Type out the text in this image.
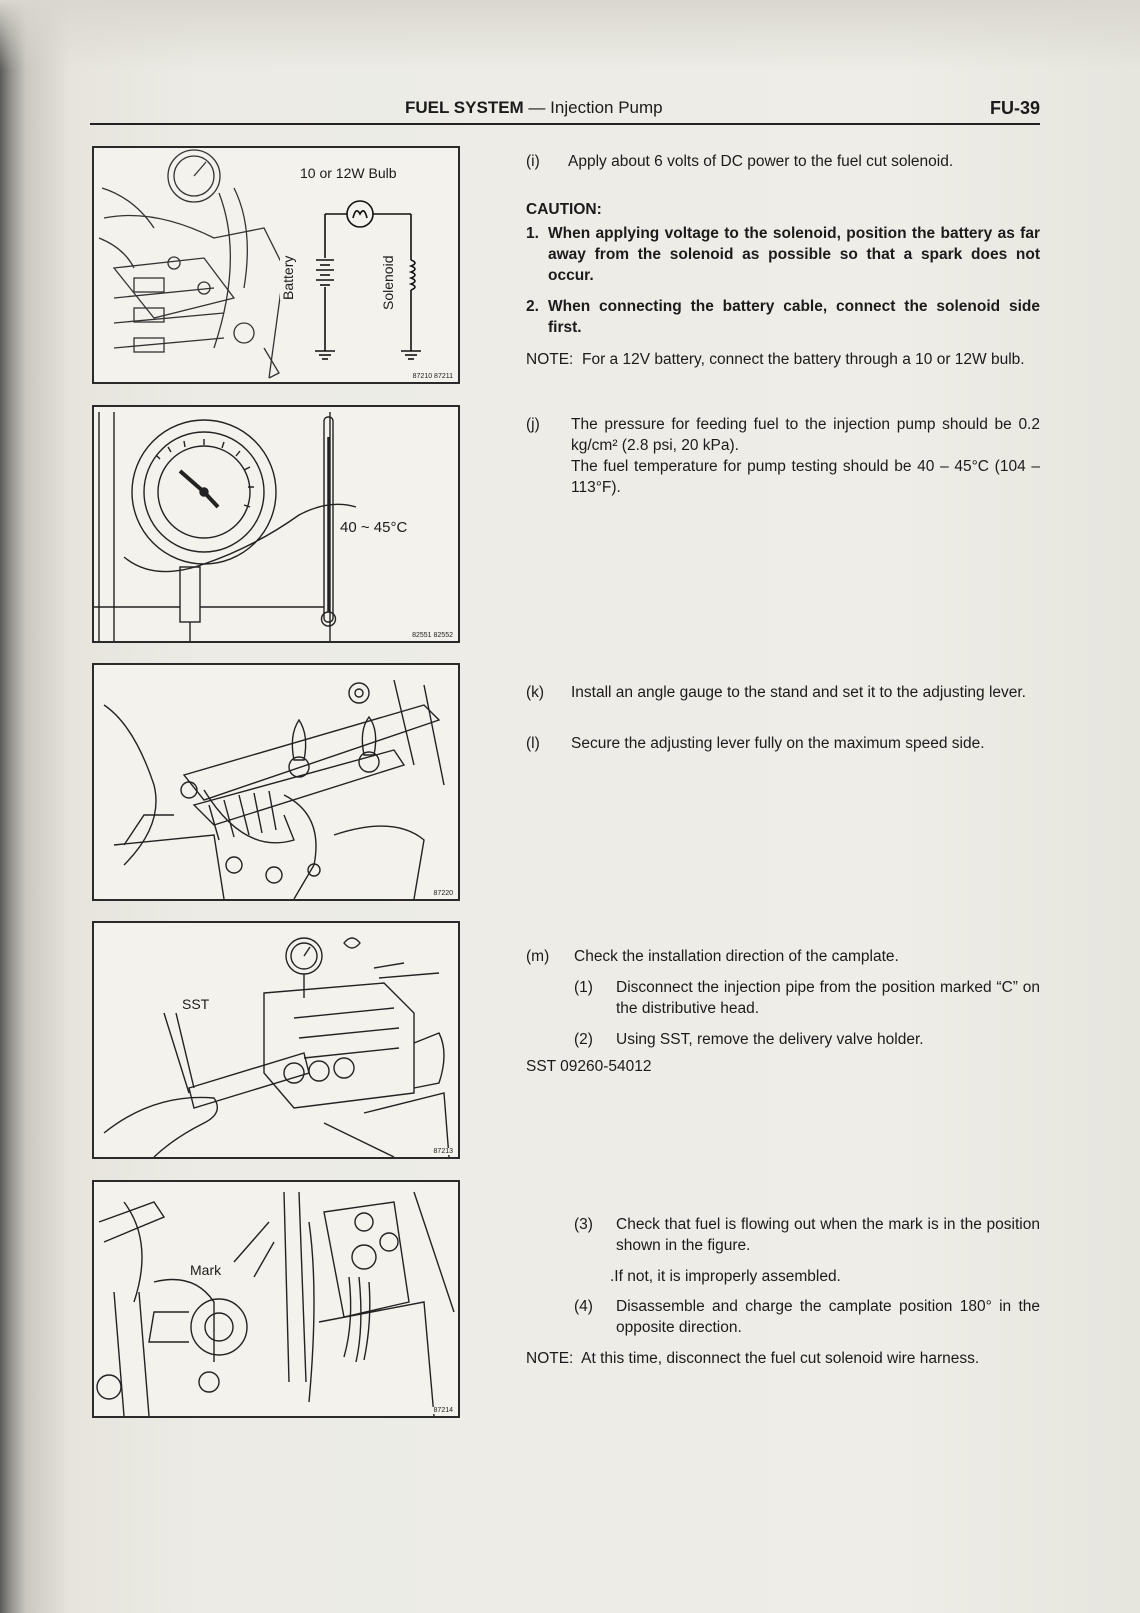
FUEL SYSTEM — Injection Pump	FU-39
10 or 12W Bulb
Battery	Solenoid
87210 87211
40 ~ 45°C
82551 82552
87220
SST
87213
Mark
87214
(i) Apply about 6 volts of DC power to the fuel cut solenoid.
CAUTION:
1. When applying voltage to the solenoid, position the battery as far away from the solenoid as possible so that a spark does not occur.
2. When connecting the battery cable, connect the solenoid side first.
NOTE: For a 12V battery, connect the battery through a 10 or 12W bulb.
(j) The pressure for feeding fuel to the injection pump should be 0.2 kg/cm² (2.8 psi, 20 kPa).
The fuel temperature for pump testing should be 40 – 45°C (104 – 113°F).
(k) Install an angle gauge to the stand and set it to the adjusting lever.
(l) Secure the adjusting lever fully on the maximum speed side.
(m) Check the installation direction of the camplate.
(1) Disconnect the injection pipe from the position marked “C” on the distributive head.
(2) Using SST, remove the delivery valve holder.
SST 09260-54012
(3) Check that fuel is flowing out when the mark is in the position shown in the figure.
.If not, it is improperly assembled.
(4) Disassemble and charge the camplate position 180° in the opposite direction.
NOTE: At this time, disconnect the fuel cut solenoid wire harness.
